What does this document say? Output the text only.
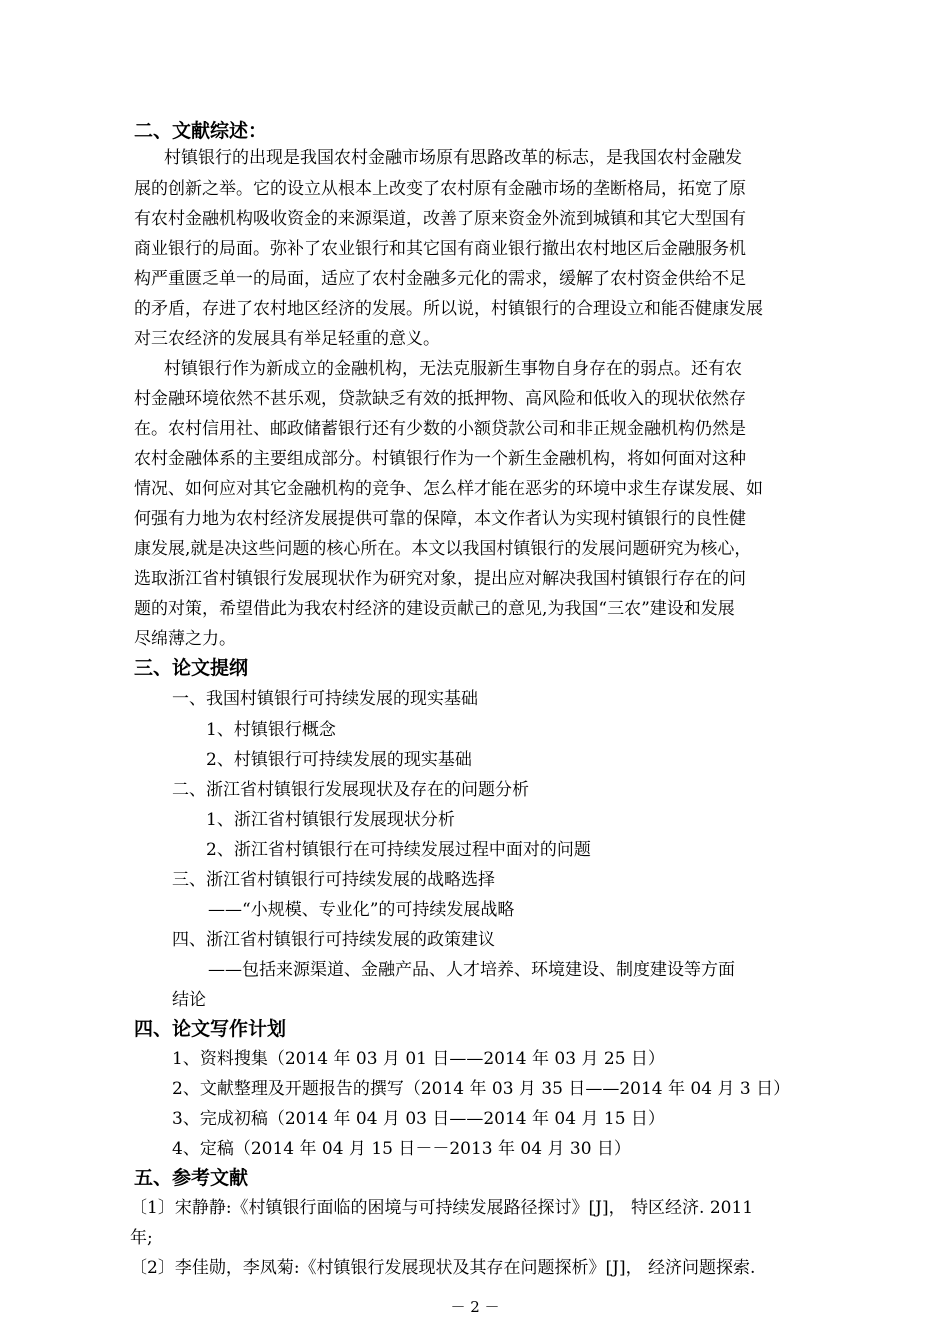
二、文献综述：
村镇银行的出现是我国农村金融市场原有思路改革的标志，是我国农村金融发
展的创新之举。它的设立从根本上改变了农村原有金融市场的垄断格局，拓宽了原
有农村金融机构吸收资金的来源渠道，改善了原来资金外流到城镇和其它大型国有
商业银行的局面。弥补了农业银行和其它国有商业银行撤出农村地区后金融服务机
构严重匮乏单一的局面，适应了农村金融多元化的需求，缓解了农村资金供给不足
的矛盾，存进了农村地区经济的发展。所以说，村镇银行的合理设立和能否健康发展
对三农经济的发展具有举足轻重的意义。
村镇银行作为新成立的金融机构，无法克服新生事物自身存在的弱点。还有农
村金融环境依然不甚乐观，贷款缺乏有效的抵押物、高风险和低收入的现状依然存
在。农村信用社、邮政储蓄银行还有少数的小额贷款公司和非正规金融机构仍然是
农村金融体系的主要组成部分。村镇银行作为一个新生金融机构，将如何面对这种
情况、如何应对其它金融机构的竞争、怎么样才能在恶劣的环境中求生存谋发展、如
何强有力地为农村经济发展提供可靠的保障，本文作者认为实现村镇银行的良性健
康发展,就是决这些问题的核心所在。本文以我国村镇银行的发展问题研究为核心，
选取浙江省村镇银行发展现状作为研究对象，提出应对解决我国村镇银行存在的问
题的对策，希望借此为我农村经济的建设贡献己的意见,为我国“三农”建设和发展
尽绵薄之力。
三、论文提纲
一、我国村镇银行可持续发展的现实基础
1、村镇银行概念
2、村镇银行可持续发展的现实基础
二、浙江省村镇银行发展现状及存在的问题分析
1、浙江省村镇银行发展现状分析
2、浙江省村镇银行在可持续发展过程中面对的问题
三、浙江省村镇银行可持续发展的战略选择
——“小规模、专业化”的可持续发展战略
四、浙江省村镇银行可持续发展的政策建议
——包括来源渠道、金融产品、人才培养、环境建设、制度建设等方面
结论
四、论文写作计划
1、资料搜集（2014 年 03 月 01 日——2014 年 03 月 25 日）
2、文献整理及开题报告的撰写（2014 年 03 月 35 日——2014 年 04 月 3 日）
3、完成初稿（2014 年 04 月 03 日——2014 年 04 月 15 日）
4、定稿（2014 年 04 月 15 日－－2013 年 04 月 30 日）
五、参考文献
〔1〕宋静静:《村镇银行面临的困境与可持续发展路径探讨》[J]， 特区经济. 2011
年;
〔2〕李佳勋，李凤菊:《村镇银行发展现状及其存在问题探析》[J]， 经济问题探索.
－ 2 －
